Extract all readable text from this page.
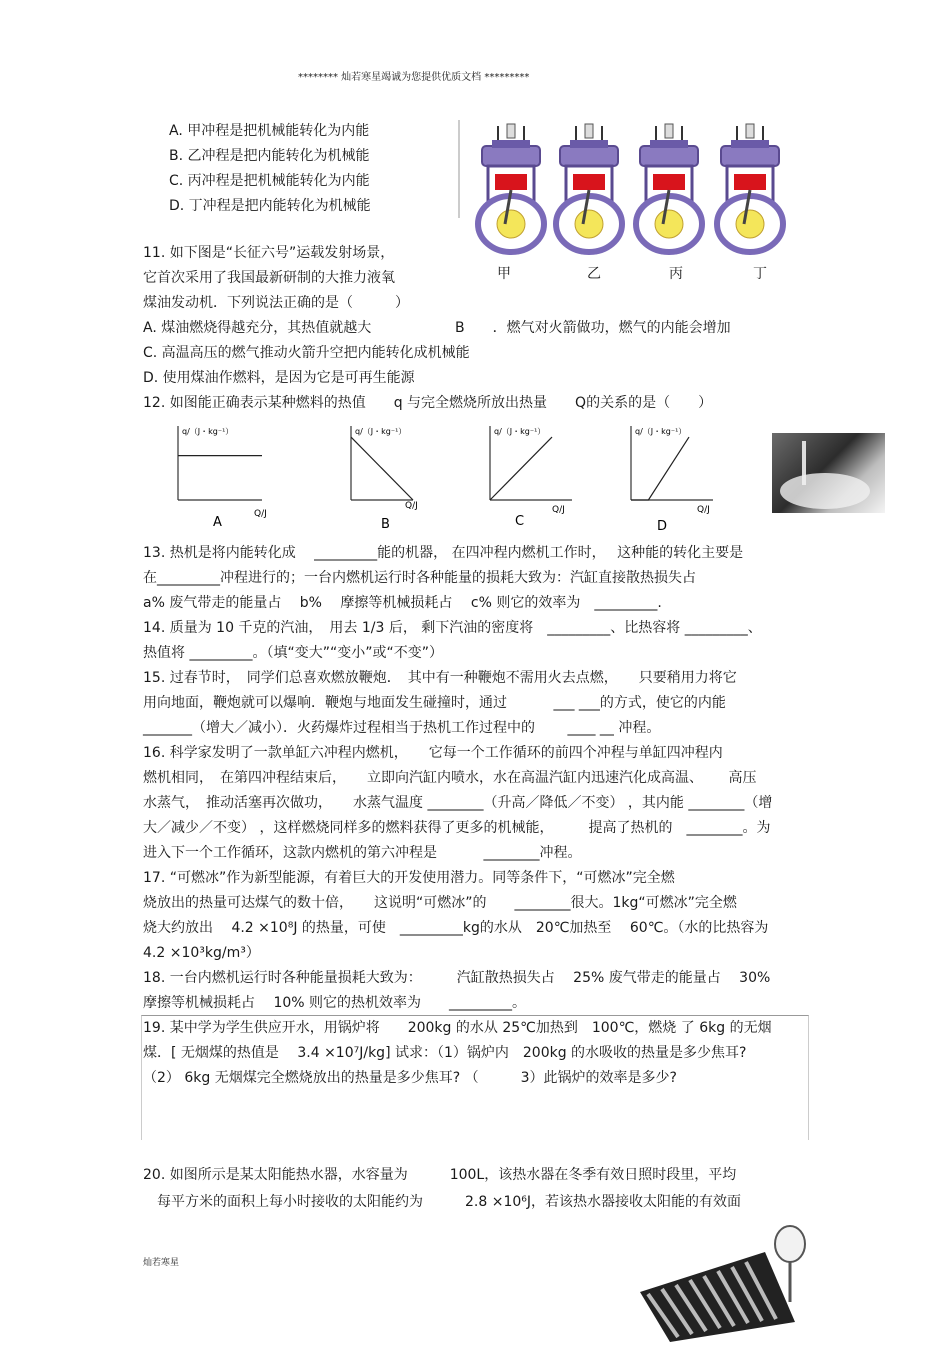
******** 灿若寒星竭诚为您提供优质文档 *********
A. 甲冲程是把机械能转化为内能
B. 乙冲程是把内能转化为机械能
C. 丙冲程是把机械能转化为内能
D. 丁冲程是把内能转化为机械能
甲	乙	丙	丁
11. 如下图是“长征六号”运载发射场景，
它首次采用了我国最新研制的大推力液氧
煤油发动机．下列说法正确的是（　　　）
A. 煤油燃烧得越充分，其热值就越大	B　　．燃气对火箭做功，燃气的内能会增加
C. 高温高压的燃气推动火箭升空把内能转化成机械能
D. 使用煤油作燃料，是因为它是可再生能源
12. 如图能正确表示某种燃料的热值　　q 与完全燃烧所放出热量　　Q的关系的是（　　）
q/（J・kg⁻¹）
Q/J
q/（J・kg⁻¹）
Q/J
q/（J・kg⁻¹）
Q/J
q/（J・kg⁻¹）
Q/J
A	B	C	D
13. 热机是将内能转化成　 _________能的机器， 在四冲程内燃机工作时，　 这种能的转化主要是
在_________冲程进行的；一台内燃机运行时各种能量的损耗大致为：汽缸直接散热损失占
a% 废气带走的能量占　 b%　 摩擦等机械损耗占　 c% 则它的效率为　_________.
14. 质量为 10 千克的汽油，　用去 1/3 后， 剩下汽油的密度将　_________、比热容将 _________、
热值将 _________。（填“变大”“变小”或“不变”）
15. 过春节时，　同学们总喜欢燃放鞭炮．　其中有一种鞭炮不需用火去点燃，　　只要稍用力将它
用向地面，鞭炮就可以爆响．鞭炮与地面发生碰撞时，通过　　　 ___ ___的方式，使它的内能
_______（增大／减小）．火药爆炸过程相当于热机工作过程中的　　 ____ __ 冲程。
16. 科学家发明了一款单缸六冲程内燃机，　　它每一个工作循环的前四个冲程与单缸四冲程内
燃机相同，　在第四冲程结束后，　　立即向汽缸内喷水，水在高温汽缸内迅速汽化成高温、　　 高压
水蒸气，　推动活塞再次做功，　　水蒸气温度 ________（升高／降低／不变） ，其内能 ________（增
大／减少／不变） ，这样燃烧同样多的燃料获得了更多的机械能，　　　提高了热机的　________。为
进入下一个工作循环，这款内燃机的第六冲程是　　　 ________冲程。
17. “可燃冰”作为新型能源，有着巨大的开发使用潜力。同等条件下，“可燃冰”完全燃
烧放出的热量可达煤气的数十倍，　　这说明“可燃冰”的　　________很大。1kg“可燃冰”完全燃
烧大约放出　 4.2 ×10⁸J 的热量，可使　_________kg的水从　20℃加热至　 60℃。（水的比热容为
4.2 ×10³kg/m³）
18. 一台内燃机运行时各种能量损耗大致为：　　　汽缸散热损失占　 25% 废气带走的能量占　 30%
摩擦等机械损耗占　 10% 则它的热机效率为　　_________。
19. 某中学为学生供应开水，用锅炉将　　200kg 的水从 25℃加热到　100℃，燃烧 了 6kg 的无烟
煤．[ 无烟煤的热值是　 3.4 ×10⁷J/kg] 试求：（1）锅炉内　200kg 的水吸收的热量是多少焦耳?
（2） 6kg 无烟煤完全燃烧放出的热量是多少焦耳? （　　　3）此锅炉的效率是多少?
20. 如图所示是某太阳能热水器，水容量为　　　100L，该热水器在冬季有效日照时段里，平均
　每平方米的面积上每小时接收的太阳能约为　　　2.8 ×10⁶J，若该热水器接收太阳能的有效面
灿若寒星
